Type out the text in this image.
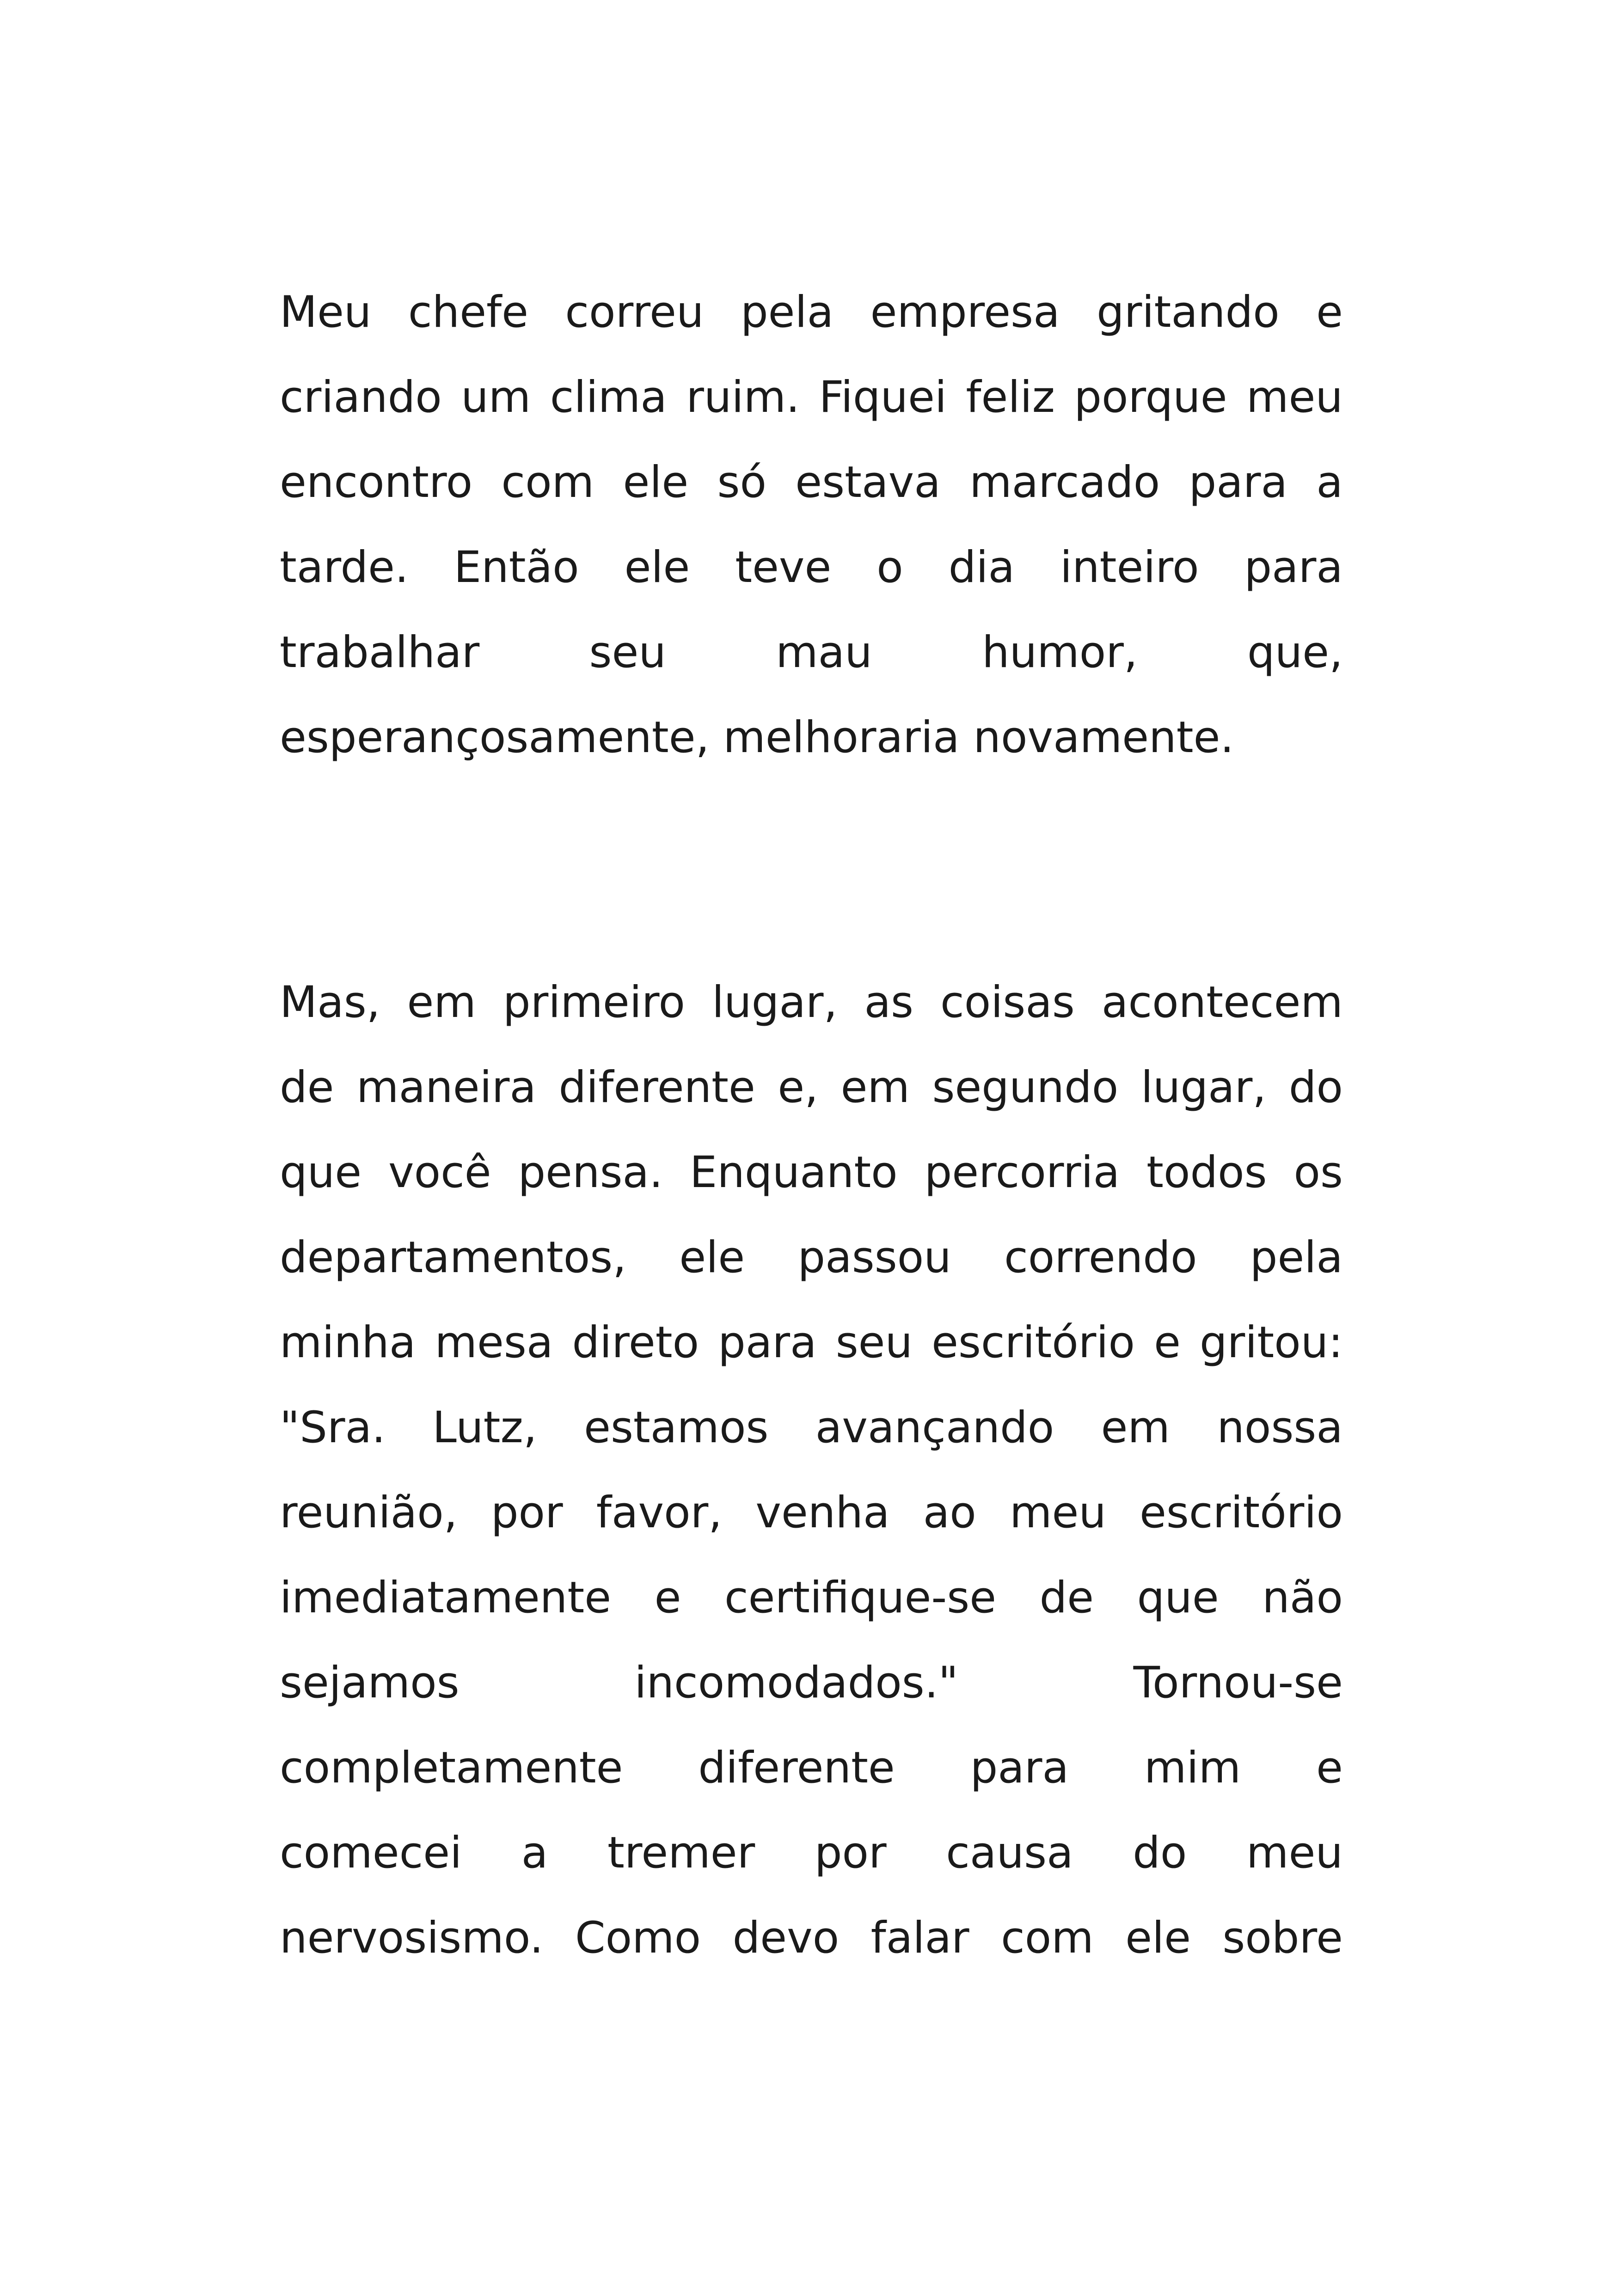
Meu chefe correu pela empresa gritando e
criando um clima ruim. Fiquei feliz porque meu
encontro com ele só estava marcado para a
tarde. Então ele teve o dia inteiro para
trabalhar seu mau humor, que,
esperançosamente, melhoraria novamente.
Mas, em primeiro lugar, as coisas acontecem
de maneira diferente e, em segundo lugar, do
que você pensa. Enquanto percorria todos os
departamentos, ele passou correndo pela
minha mesa direto para seu escritório e gritou:
"Sra. Lutz, estamos avançando em nossa
reunião, por favor, venha ao meu escritório
imediatamente e certifique-se de que não
sejamos incomodados." Tornou-se
completamente diferente para mim e
comecei a tremer por causa do meu
nervosismo. Como devo falar com ele sobre
